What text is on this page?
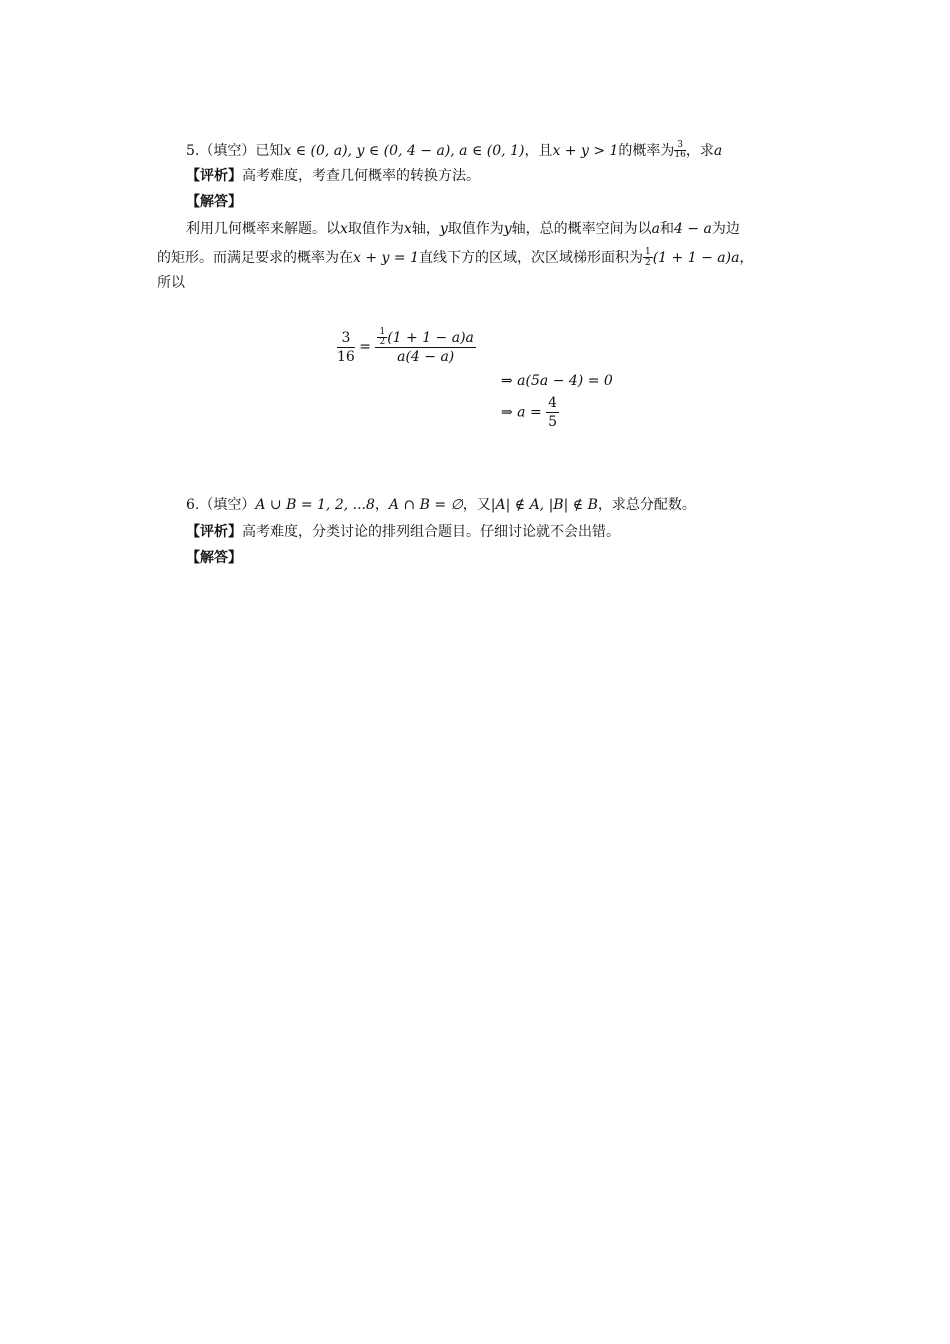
5.（填空）已知x ∈ (0, a), y ∈ (0, 4 − a), a ∈ (0, 1)，且x + y > 1的概率为 $\frac{3}{16}$ ，求a
【评析】高考难度，考查几何概率的转换方法。
【解答】
利用几何概率来解题。以x取值作为x轴，y取值作为y轴，总的概率空间为以a和4 − a为边
的矩形。而满足要求的概率为在x + y = 1直线下方的区域，次区域梯形面积为 $\frac{1}{2} (1 + 1 - a)a$，
所以
$\frac{3}{16} = \frac{\frac{1}{2} (1 + 1 - a)a}{a(4 - a)}$
⇒ a(5a − 4) = 0
⇒ $a = \frac{4}{5}$
6.（填空）A ∪ B = 1, 2, ...8，A ∩ B = ∅，又|A| ∉ A, |B| ∉ B，求总分配数。
【评析】高考难度，分类讨论的排列组合题目。仔细讨论就不会出错。
【解答】
